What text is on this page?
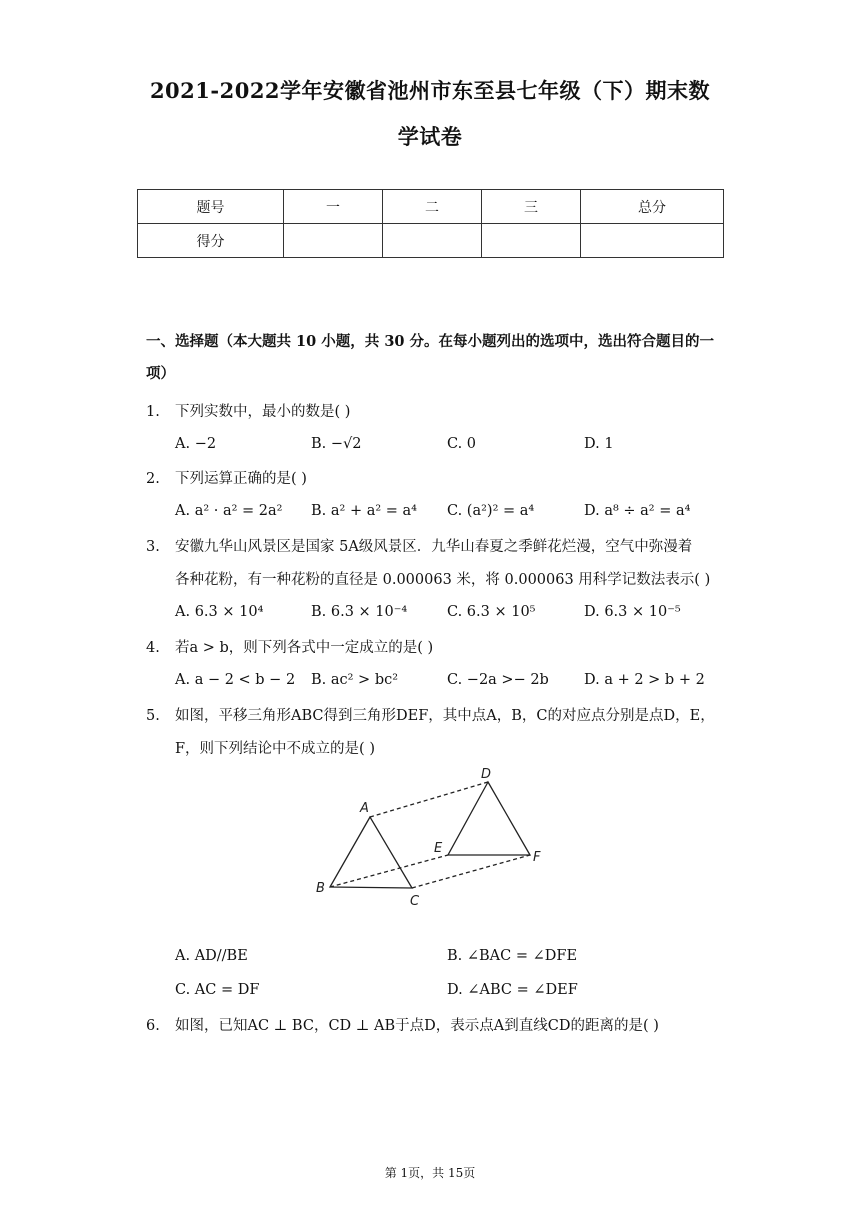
2021-2022学年安徽省池州市东至县七年级（下）期末数
学试卷
题号	一	二	三	总分
得分				
一、选择题（本大题共 10 小题，共 30 分。在每小题列出的选项中，选出符合题目的一
项）
1. 下列实数中，最小的数是( )
A. −2	B. −√2	C. 0	D. 1
2. 下列运算正确的是( )
A. a² · a² = 2a² B. a² + a² = a⁴ C. (a²)² = a⁴	D. a⁸ ÷ a² = a⁴
3. 安徽九华山风景区是国家 5A级风景区．九华山春夏之季鲜花烂漫，空气中弥漫着
各种花粉，有一种花粉的直径是 0.000063 米，将 0.000063 用科学记数法表示( )
A. 6.3 × 10⁴	B. 6.3 × 10⁻⁴	C. 6.3 × 10⁵	D. 6.3 × 10⁻⁵
4. 若a > b，则下列各式中一定成立的是( )
A. a − 2 < b − 2 B. ac² > bc²	C. −2a >− 2b D. a + 2 > b + 2
5. 如图，平移三角形ABC得到三角形DEF，其中点A，B，C的对应点分别是点D，E，
F，则下列结论中不成立的是( )
A
B
C
D
E
F
A. AD//BE	B. ∠BAC = ∠DFE
C. AC = DF	D. ∠ABC = ∠DEF
6. 如图，已知AC ⊥ BC，CD ⊥ AB于点D，表示点A到直线CD的距离的是( )
第 1页，共 15页
